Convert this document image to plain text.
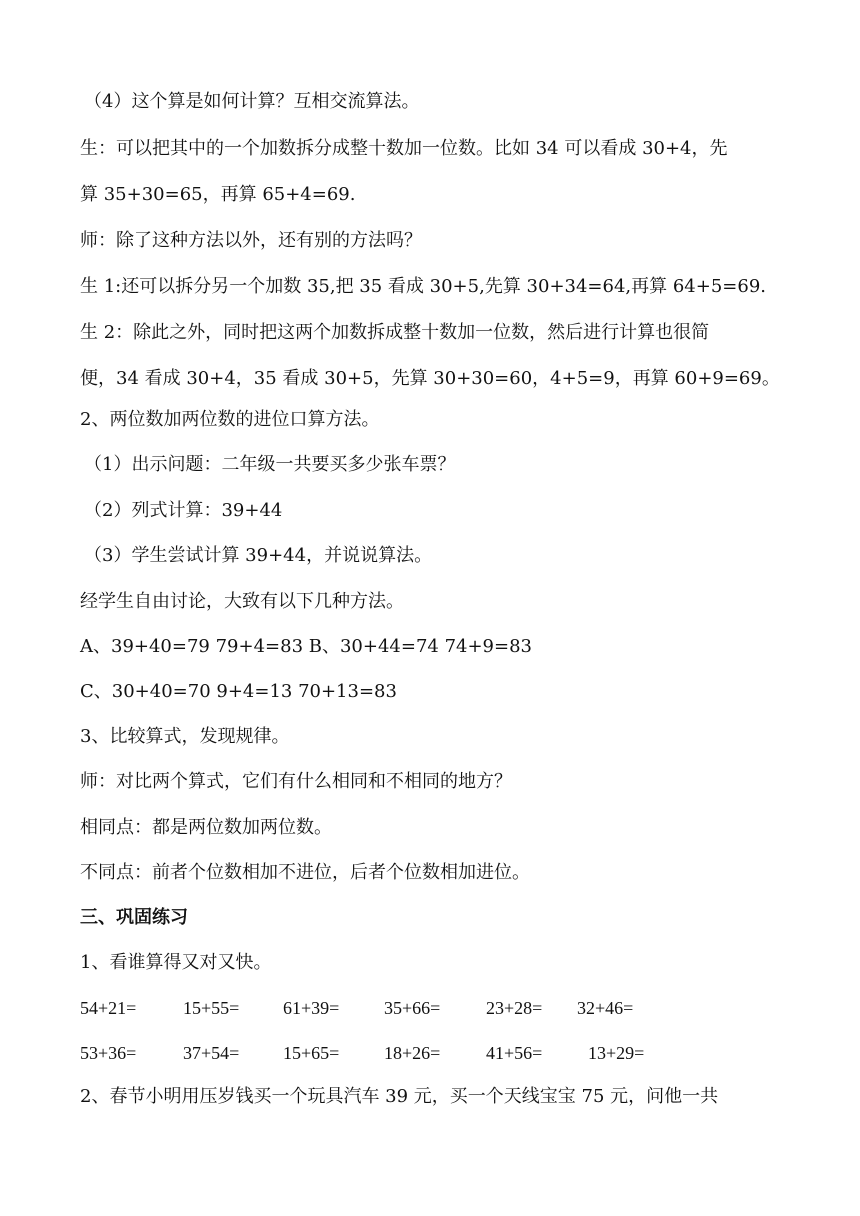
（4）这个算是如何计算？互相交流算法。
生：可以把其中的一个加数拆分成整十数加一位数。比如 34 可以看成 30+4，先
算 35+30=65，再算 65+4=69.
师：除了这种方法以外，还有别的方法吗？
生 1:还可以拆分另一个加数 35,把 35 看成 30+5,先算 30+34=64,再算 64+5=69.
生 2：除此之外，同时把这两个加数拆成整十数加一位数，然后进行计算也很简
便，34 看成 30+4，35 看成 30+5，先算 30+30=60，4+5=9，再算 60+9=69。
2、两位数加两位数的进位口算方法。
（1）出示问题：二年级一共要买多少张车票？
（2）列式计算：39+44
（3）学生尝试计算 39+44，并说说算法。
经学生自由讨论，大致有以下几种方法。
A、39+40=79 79+4=83 B、30+44=74 74+9=83
C、30+40=70 9+4=13 70+13=83
3、比较算式，发现规律。
师：对比两个算式，它们有什么相同和不相同的地方？
相同点：都是两位数加两位数。
不同点：前者个位数相加不进位，后者个位数相加进位。
三、巩固练习
1、看谁算得又对又快。
54+21=	15+55= 61+39= 35+66=	23+28= 32+46=
53+36=	37+54= 15+65= 18+26=	41+56=	13+29=
2、春节小明用压岁钱买一个玩具汽车 39 元，买一个天线宝宝 75 元，问他一共
